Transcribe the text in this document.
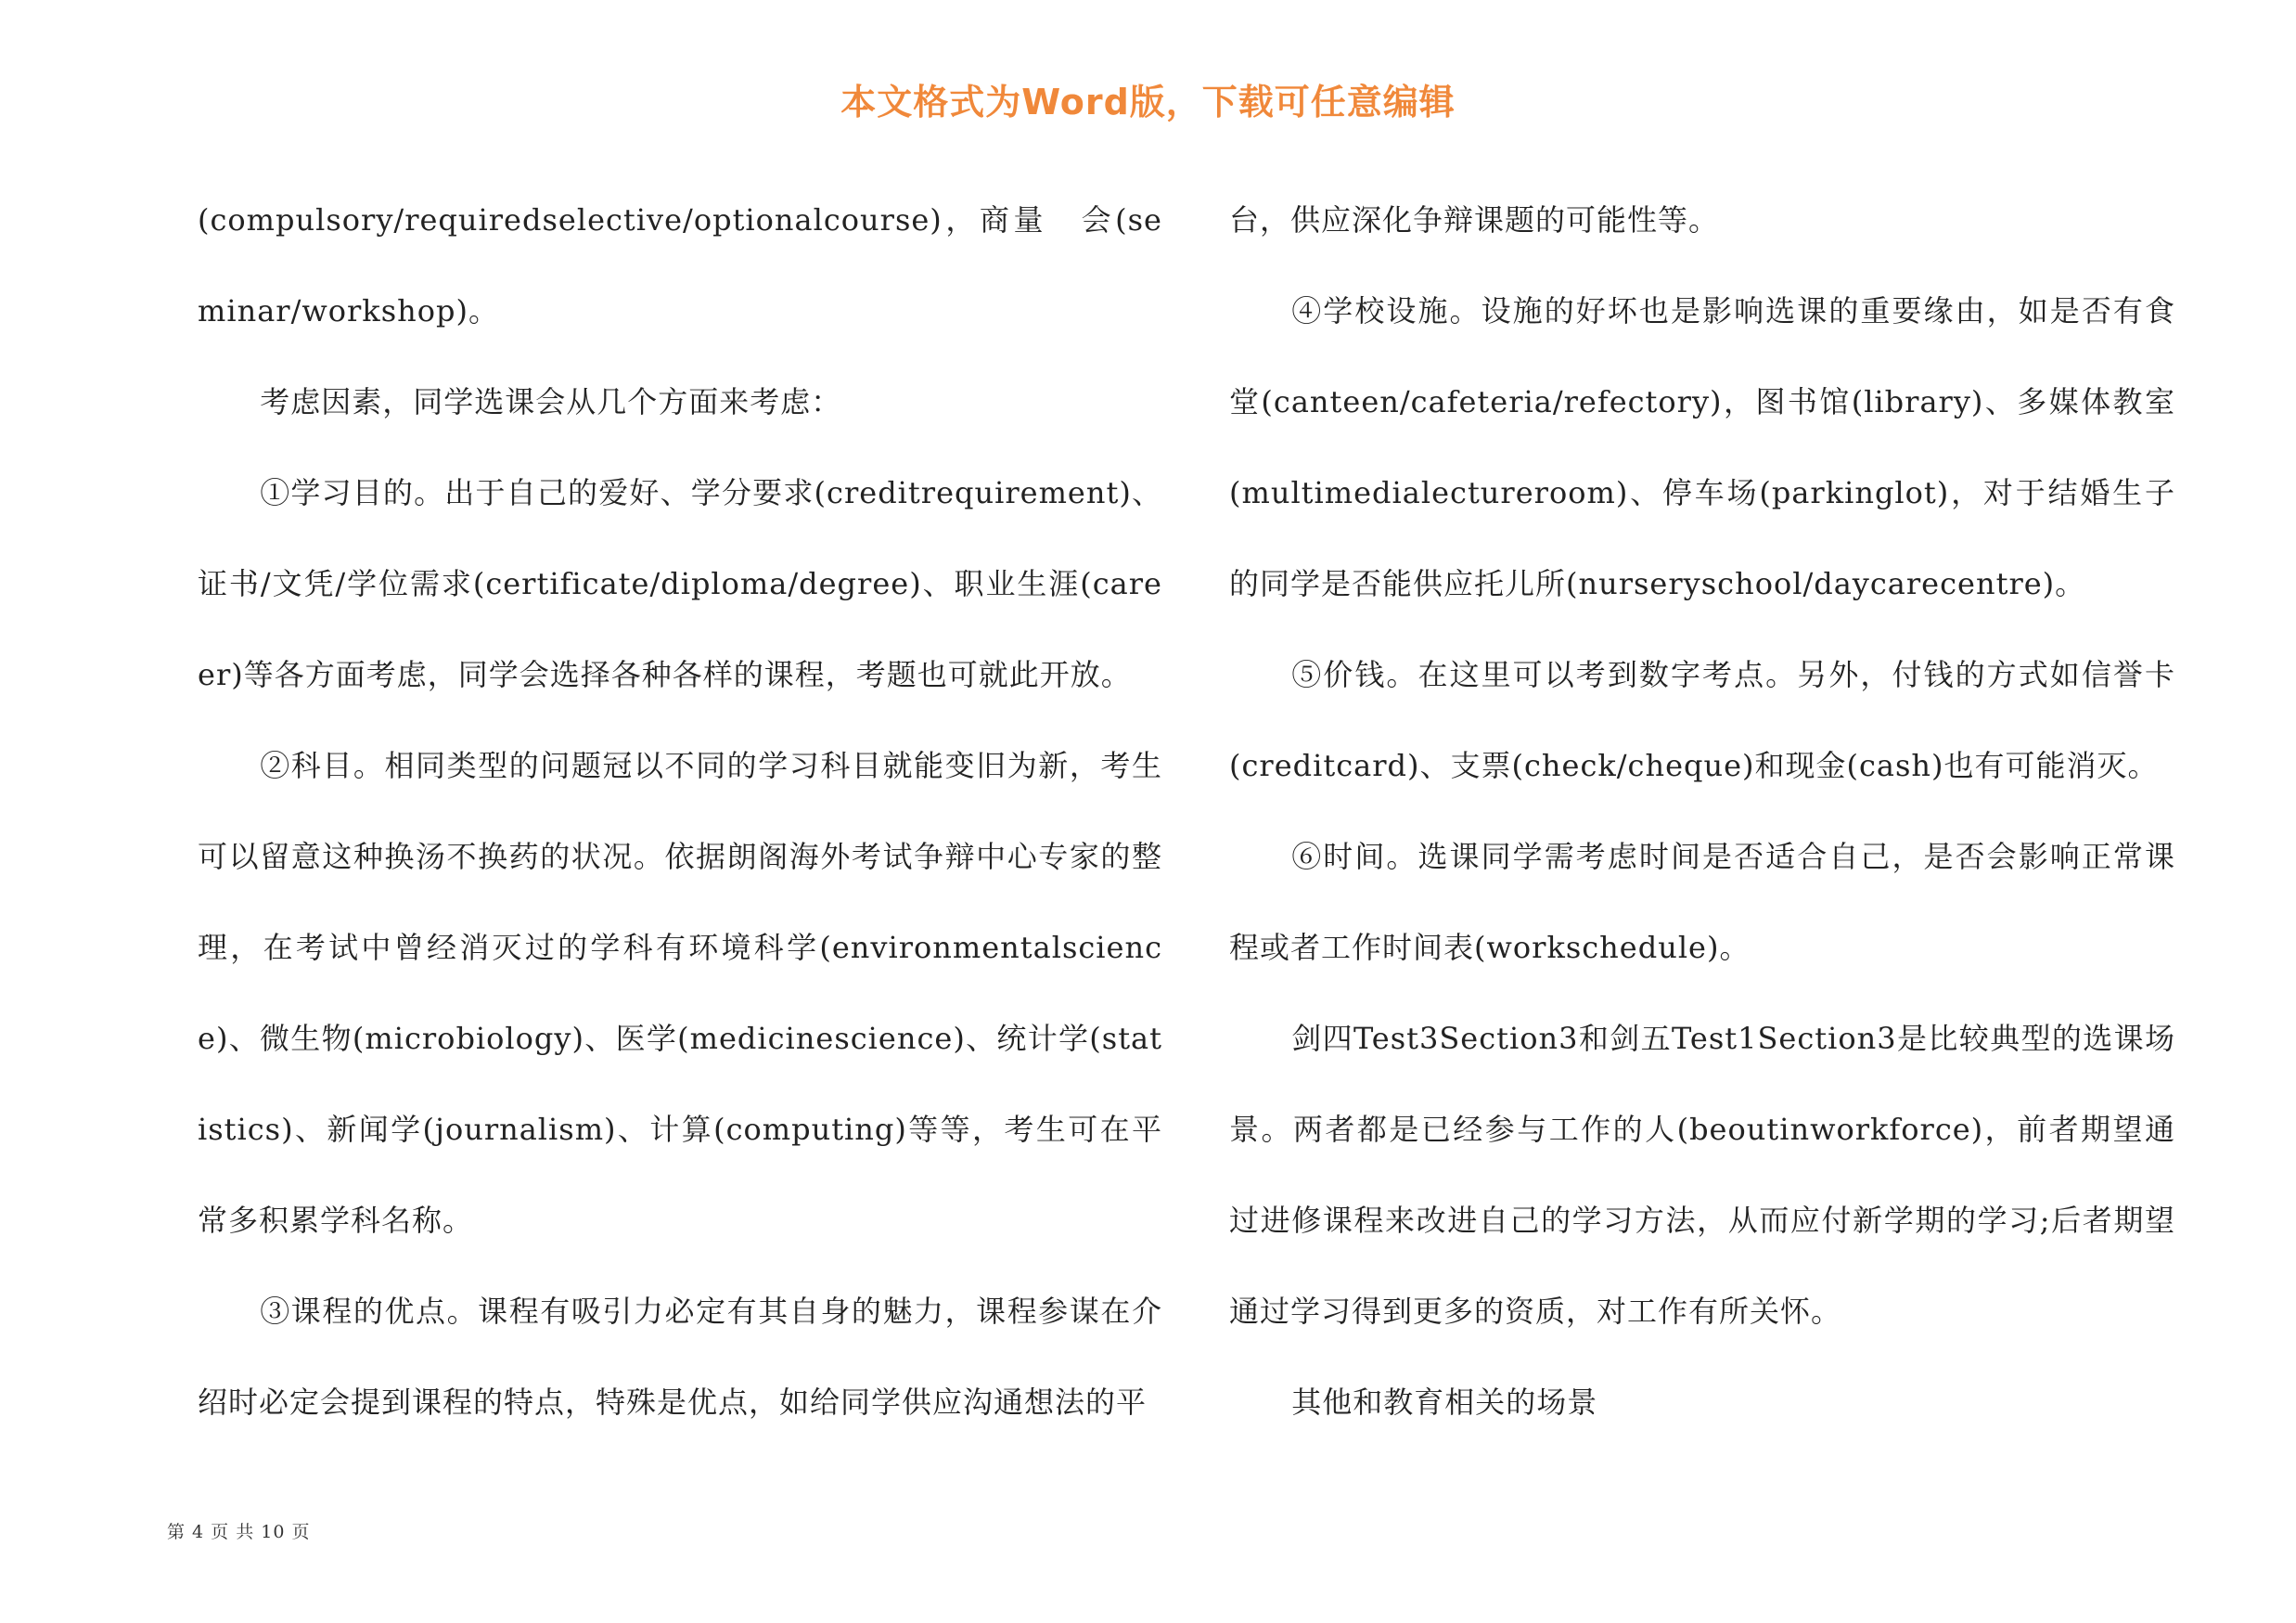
本文格式为Word版，下载可任意编辑

(compulsory/requiredselective/optionalcourse)，商量　会(seminar/workshop)。

考虑因素，同学选课会从几个方面来考虑：

①学习目的。出于自己的爱好、学分要求(creditrequirement)、证书/文凭/学位需求(certificate/diploma/degree)、职业生涯(career)等各方面考虑，同学会选择各种各样的课程，考题也可就此开放。

②科目。相同类型的问题冠以不同的学习科目就能变旧为新，考生可以留意这种换汤不换药的状况。依据朗阁海外考试争辩中心专家的整理，在考试中曾经消灭过的学科有环境科学(environmentalscience)、微生物(microbiology)、医学(medicinescience)、统计学(statistics)、新闻学(journalism)、计算(computing)等等，考生可在平常多积累学科名称。

③课程的优点。课程有吸引力必定有其自身的魅力，课程参谋在介绍时必定会提到课程的特点，特殊是优点，如给同学供应沟通想法的平

台，供应深化争辩课题的可能性等。

④学校设施。设施的好坏也是影响选课的重要缘由，如是否有食堂(canteen/cafeteria/refectory)，图书馆(library)、多媒体教室(multimedialectureroom)、停车场(parkinglot)，对于结婚生子的同学是否能供应托儿所(nurseryschool/daycarecentre)。

⑤价钱。在这里可以考到数字考点。另外，付钱的方式如信誉卡(creditcard)、支票(check/cheque)和现金(cash)也有可能消灭。

⑥时间。选课同学需考虑时间是否适合自己，是否会影响正常课程或者工作时间表(workschedule)。

剑四Test3Section3和剑五Test1Section3是比较典型的选课场景。两者都是已经参与工作的人(beoutinworkforce)，前者期望通过进修课程来改进自己的学习方法，从而应付新学期的学习;后者期望通过学习得到更多的资质，对工作有所关怀。

其他和教育相关的场景

第 4 页 共 10 页
